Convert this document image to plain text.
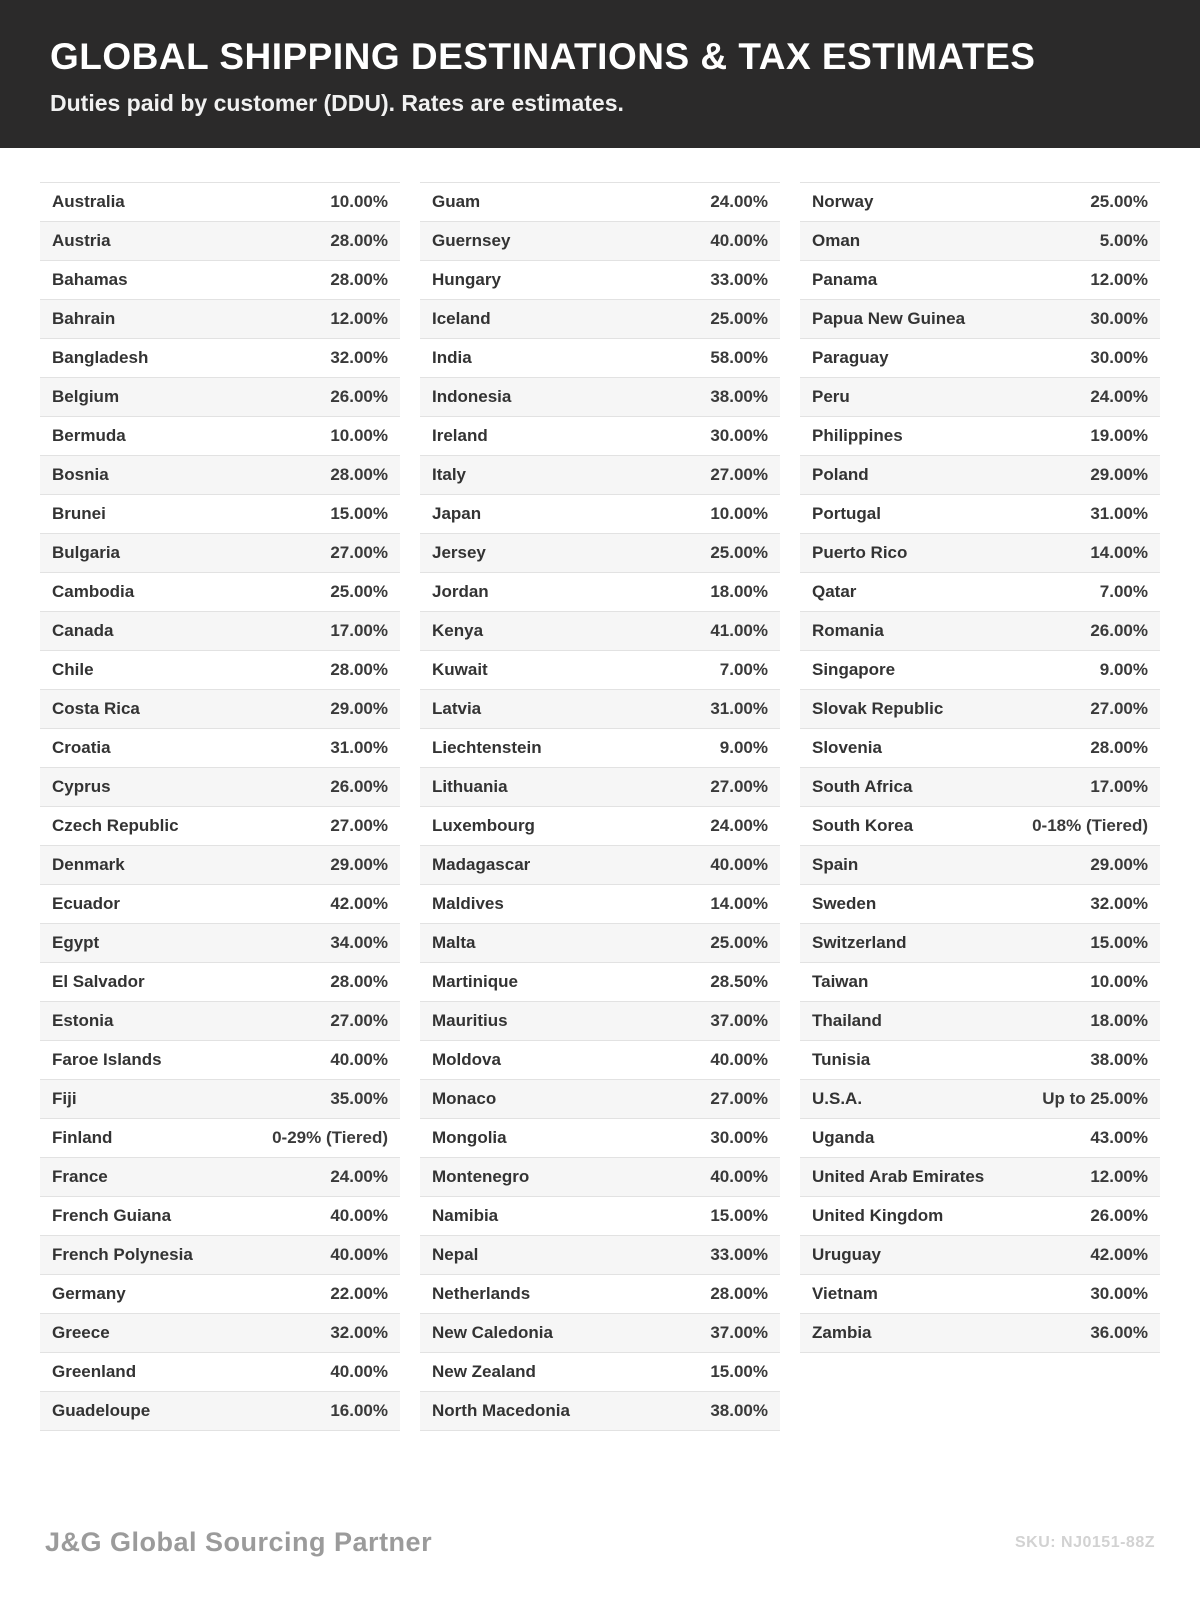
GLOBAL SHIPPING DESTINATIONS & TAX ESTIMATES
Duties paid by customer (DDU). Rates are estimates.
Australia	10.00%
Austria	28.00%
Bahamas	28.00%
Bahrain	12.00%
Bangladesh	32.00%
Belgium	26.00%
Bermuda	10.00%
Bosnia	28.00%
Brunei	15.00%
Bulgaria	27.00%
Cambodia	25.00%
Canada	17.00%
Chile	28.00%
Costa Rica	29.00%
Croatia	31.00%
Cyprus	26.00%
Czech Republic	27.00%
Denmark	29.00%
Ecuador	42.00%
Egypt	34.00%
El Salvador	28.00%
Estonia	27.00%
Faroe Islands	40.00%
Fiji	35.00%
Finland	0-29% (Tiered)
France	24.00%
French Guiana	40.00%
French Polynesia	40.00%
Germany	22.00%
Greece	32.00%
Greenland	40.00%
Guadeloupe	16.00%
Guam	24.00%
Guernsey	40.00%
Hungary	33.00%
Iceland	25.00%
India	58.00%
Indonesia	38.00%
Ireland	30.00%
Italy	27.00%
Japan	10.00%
Jersey	25.00%
Jordan	18.00%
Kenya	41.00%
Kuwait	7.00%
Latvia	31.00%
Liechtenstein	9.00%
Lithuania	27.00%
Luxembourg	24.00%
Madagascar	40.00%
Maldives	14.00%
Malta	25.00%
Martinique	28.50%
Mauritius	37.00%
Moldova	40.00%
Monaco	27.00%
Mongolia	30.00%
Montenegro	40.00%
Namibia	15.00%
Nepal	33.00%
Netherlands	28.00%
New Caledonia	37.00%
New Zealand	15.00%
North Macedonia	38.00%
Norway	25.00%
Oman	5.00%
Panama	12.00%
Papua New Guinea	30.00%
Paraguay	30.00%
Peru	24.00%
Philippines	19.00%
Poland	29.00%
Portugal	31.00%
Puerto Rico	14.00%
Qatar	7.00%
Romania	26.00%
Singapore	9.00%
Slovak Republic	27.00%
Slovenia	28.00%
South Africa	17.00%
South Korea	0-18% (Tiered)
Spain	29.00%
Sweden	32.00%
Switzerland	15.00%
Taiwan	10.00%
Thailand	18.00%
Tunisia	38.00%
U.S.A.	Up to 25.00%
Uganda	43.00%
United Arab Emirates	12.00%
United Kingdom	26.00%
Uruguay	42.00%
Vietnam	30.00%
Zambia	36.00%
J&G Global Sourcing Partner	SKU: NJ0151-88Z
